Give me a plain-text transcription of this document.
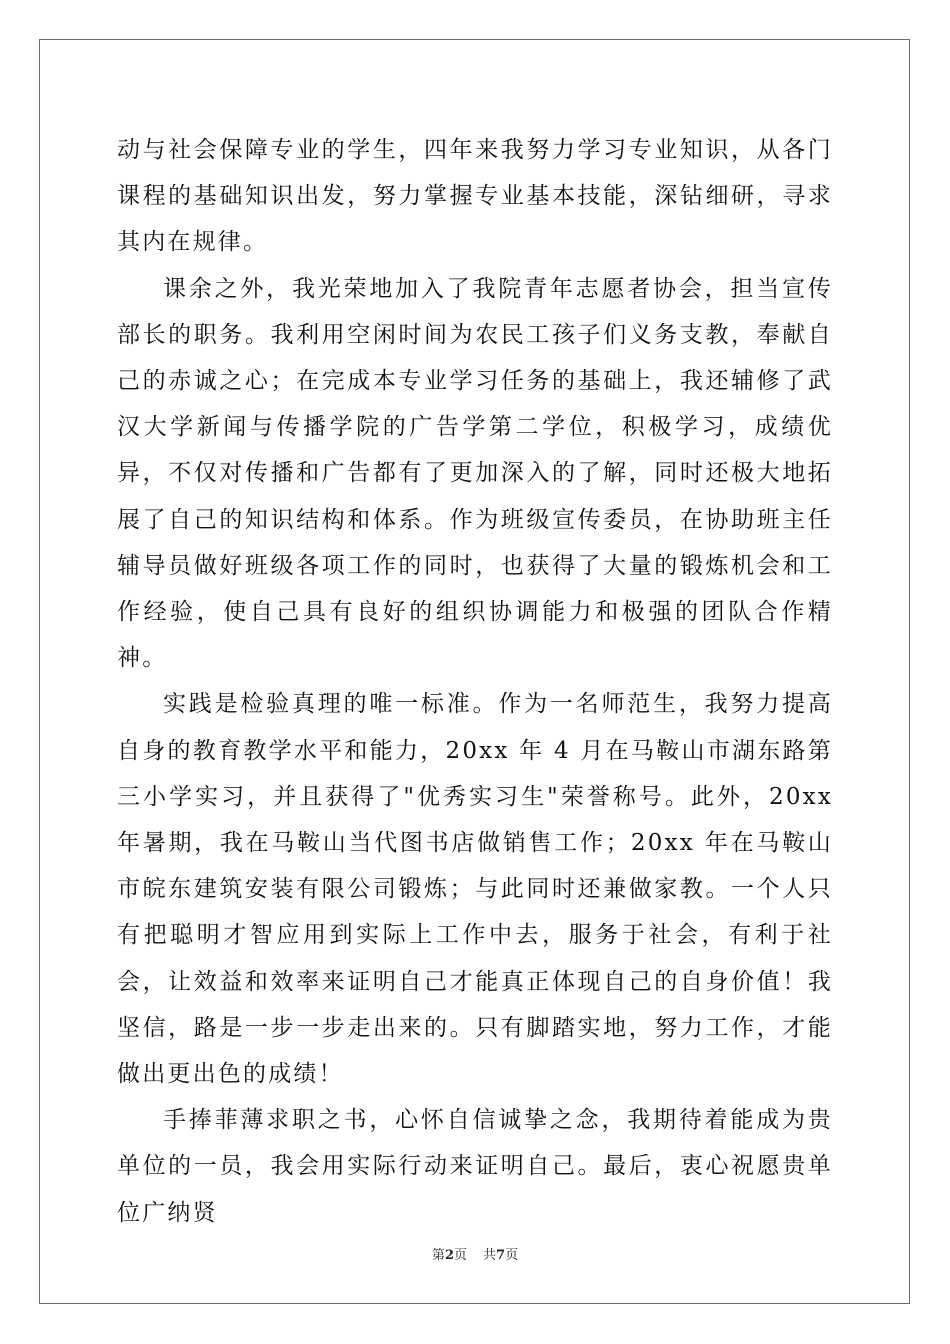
动与社会保障专业的学生，四年来我努力学习专业知识，从各门课程的基础知识出发，努力掌握专业基本技能，深钻细研，寻求其内在规律。

课余之外，我光荣地加入了我院青年志愿者协会，担当宣传部长的职务。我利用空闲时间为农民工孩子们义务支教，奉献自己的赤诚之心；在完成本专业学习任务的基础上，我还辅修了武汉大学新闻与传播学院的广告学第二学位，积极学习，成绩优异，不仅对传播和广告都有了更加深入的了解，同时还极大地拓展了自己的知识结构和体系。作为班级宣传委员，在协助班主任辅导员做好班级各项工作的同时，也获得了大量的锻炼机会和工作经验，使自己具有良好的组织协调能力和极强的团队合作精神。

实践是检验真理的唯一标准。作为一名师范生，我努力提高自身的教育教学水平和能力，20xx 年 4 月在马鞍山市湖东路第三小学实习，并且获得了"优秀实习生"荣誉称号。此外，20xx 年暑期，我在马鞍山当代图书店做销售工作；20xx 年在马鞍山市皖东建筑安装有限公司锻炼；与此同时还兼做家教。一个人只有把聪明才智应用到实际上工作中去，服务于社会，有利于社会，让效益和效率来证明自己才能真正体现自己的自身价值！我坚信，路是一步一步走出来的。只有脚踏实地，努力工作，才能做出更出色的成绩！

手捧菲薄求职之书，心怀自信诚挚之念，我期待着能成为贵单位的一员，我会用实际行动来证明自己。最后，衷心祝愿贵单位广纳贤

第2页 共7页
